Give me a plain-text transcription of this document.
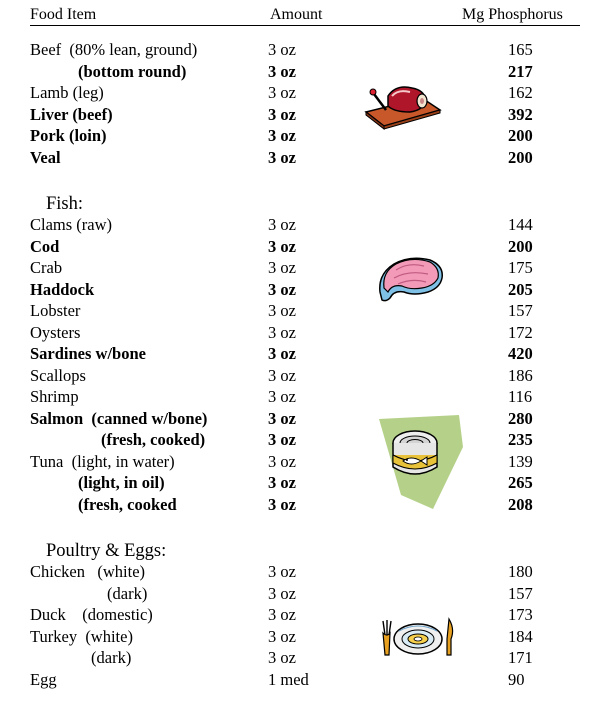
Food Item	Amount	Mg Phosphorus
Beef  (80% lean, ground)	3 oz	165
(bottom round)	3 oz	217
Lamb (leg)	3 oz	162
Liver (beef)	3 oz	392
Pork (loin)	3 oz	200
Veal	3 oz	200
Fish:
Clams (raw)	3 oz	144
Cod	3 oz	200
Crab	3 oz	175
Haddock	3 oz	205
Lobster	3 oz	157
Oysters	3 oz	172
Sardines w/bone	3 oz	420
Scallops	3 oz	186
Shrimp	3 oz	116
Salmon  (canned w/bone)	3 oz	280
(fresh, cooked)	3 oz	235
Tuna  (light, in water)	3 oz	139
(light, in oil)	3 oz	265
(fresh, cooked	3 oz	208
Poultry & Eggs:
Chicken   (white)	3 oz	180
(dark)	3 oz	157
Duck    (domestic)	3 oz	173
Turkey  (white)	3 oz	184
(dark)	3 oz	171
Egg	1 med	90
